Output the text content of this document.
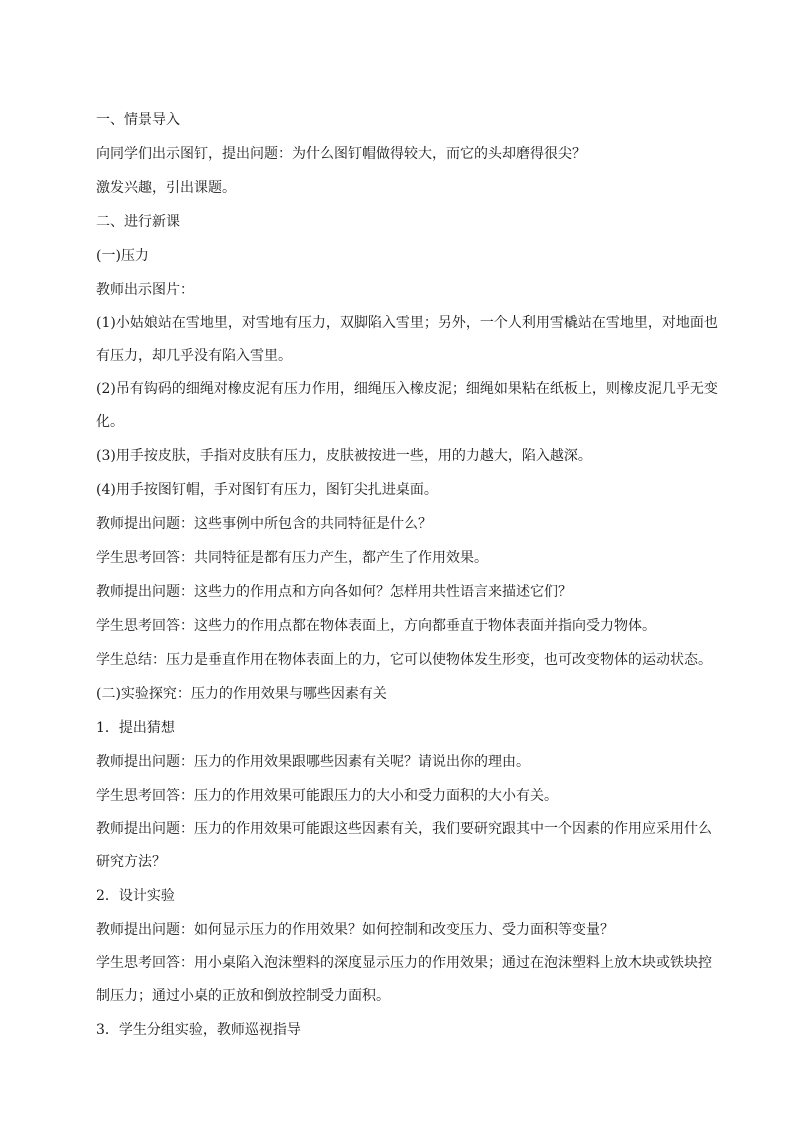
一、情景导入

向同学们出示图钉，提出问题：为什么图钉帽做得较大，而它的头却磨得很尖？

激发兴趣，引出课题。

二、进行新课

(一)压力

教师出示图片：

(1)小姑娘站在雪地里，对雪地有压力，双脚陷入雪里；另外，一个人利用雪橇站在雪地里，对地面也有压力，却几乎没有陷入雪里。

(2)吊有钩码的细绳对橡皮泥有压力作用，细绳压入橡皮泥；细绳如果粘在纸板上，则橡皮泥几乎无变化。

(3)用手按皮肤，手指对皮肤有压力，皮肤被按进一些，用的力越大，陷入越深。

(4)用手按图钉帽，手对图钉有压力，图钉尖扎进桌面。

教师提出问题：这些事例中所包含的共同特征是什么？

学生思考回答：共同特征是都有压力产生，都产生了作用效果。

教师提出问题：这些力的作用点和方向各如何？怎样用共性语言来描述它们？

学生思考回答：这些力的作用点都在物体表面上，方向都垂直于物体表面并指向受力物体。

学生总结：压力是垂直作用在物体表面上的力，它可以使物体发生形变，也可改变物体的运动状态。

(二)实验探究：压力的作用效果与哪些因素有关

1．提出猜想

教师提出问题：压力的作用效果跟哪些因素有关呢？请说出你的理由。

学生思考回答：压力的作用效果可能跟压力的大小和受力面积的大小有关。

教师提出问题：压力的作用效果可能跟这些因素有关，我们要研究跟其中一个因素的作用应采用什么研究方法？

2．设计实验

教师提出问题：如何显示压力的作用效果？如何控制和改变压力、受力面积等变量？

学生思考回答：用小桌陷入泡沫塑料的深度显示压力的作用效果；通过在泡沫塑料上放木块或铁块控制压力；通过小桌的正放和倒放控制受力面积。

3．学生分组实验，教师巡视指导
